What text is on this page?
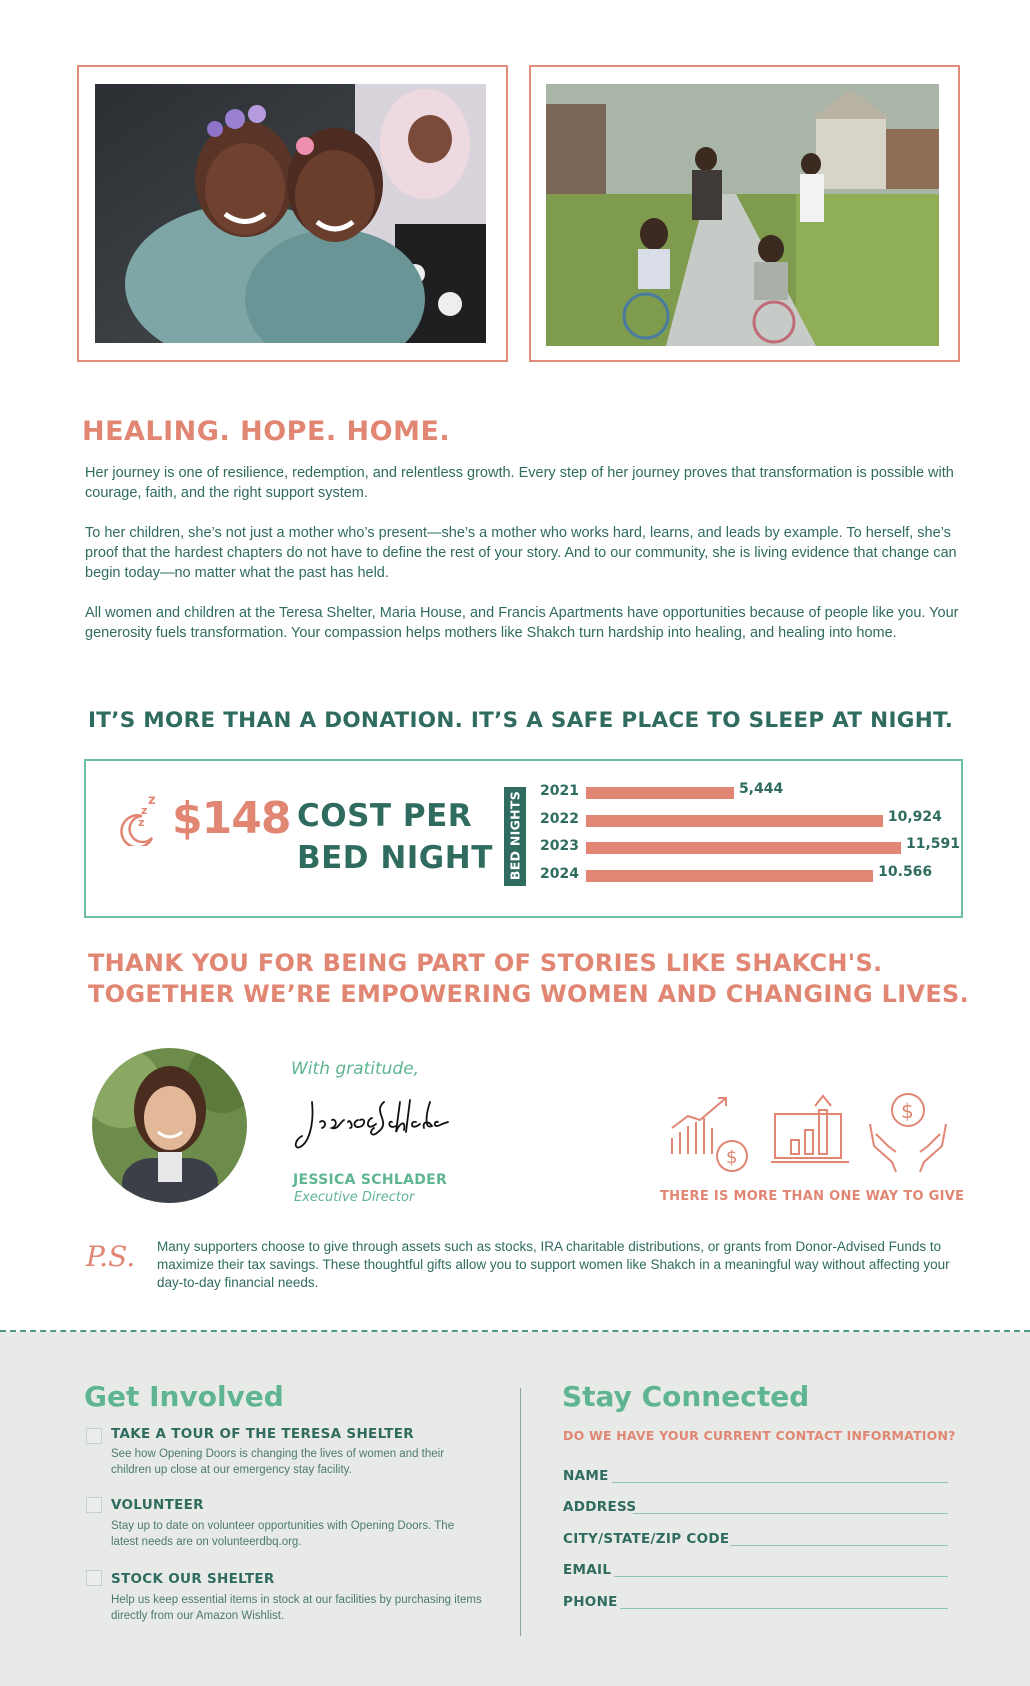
HEALING. HOPE. HOME.

Her journey is one of resilience, redemption, and relentless growth. Every step of her journey proves that transformation is possible with courage, faith, and the right support system.

To her children, she’s not just a mother who’s present—she’s a mother who works hard, learns, and leads by example. To herself, she’s proof that the hardest chapters do not have to define the rest of your story. And to our community, she is living evidence that change can begin today—no matter what the past has held.

All women and children at the Teresa Shelter, Maria House, and Francis Apartments have opportunities because of people like you. Your generosity fuels transformation. Your compassion helps mothers like Shakch turn hardship into healing, and healing into home.

IT’S MORE THAN A DONATION. IT’S A SAFE PLACE TO SLEEP AT NIGHT.
z
z
z $148 COST PER
BED NIGHT BED NIGHTS 2021	5,444
2022	10,924
2023	11,591
2024	10.566
THANK YOU FOR BEING PART OF STORIES LIKE SHAKCH'S.
TOGETHER WE’RE EMPOWERING WOMEN AND CHANGING LIVES.
With gratitude,
JESSICA SCHLADER
Executive Director
$
$
THERE IS MORE THAN ONE WAY TO GIVE
P.S. Many supporters choose to give through assets such as stocks, IRA charitable distributions, or grants from Donor-Advised Funds to maximize their tax savings. These thoughtful gifts allow you to support women like Shakch in a meaningful way without affecting your day-to-day financial needs.
Get Involved
TAKE A TOUR OF THE TERESA SHELTER
See how Opening Doors is changing the lives of women and their children up close at our emergency stay facility.
VOLUNTEER
Stay up to date on volunteer opportunities with Opening Doors. The latest needs are on volunteerdbq.org.
STOCK OUR SHELTER
Help us keep essential items in stock at our facilities by purchasing items directly from our Amazon Wishlist.
Stay Connected
DO WE HAVE YOUR CURRENT CONTACT INFORMATION?
NAME
ADDRESS
CITY/STATE/ZIP CODE
EMAIL
PHONE
